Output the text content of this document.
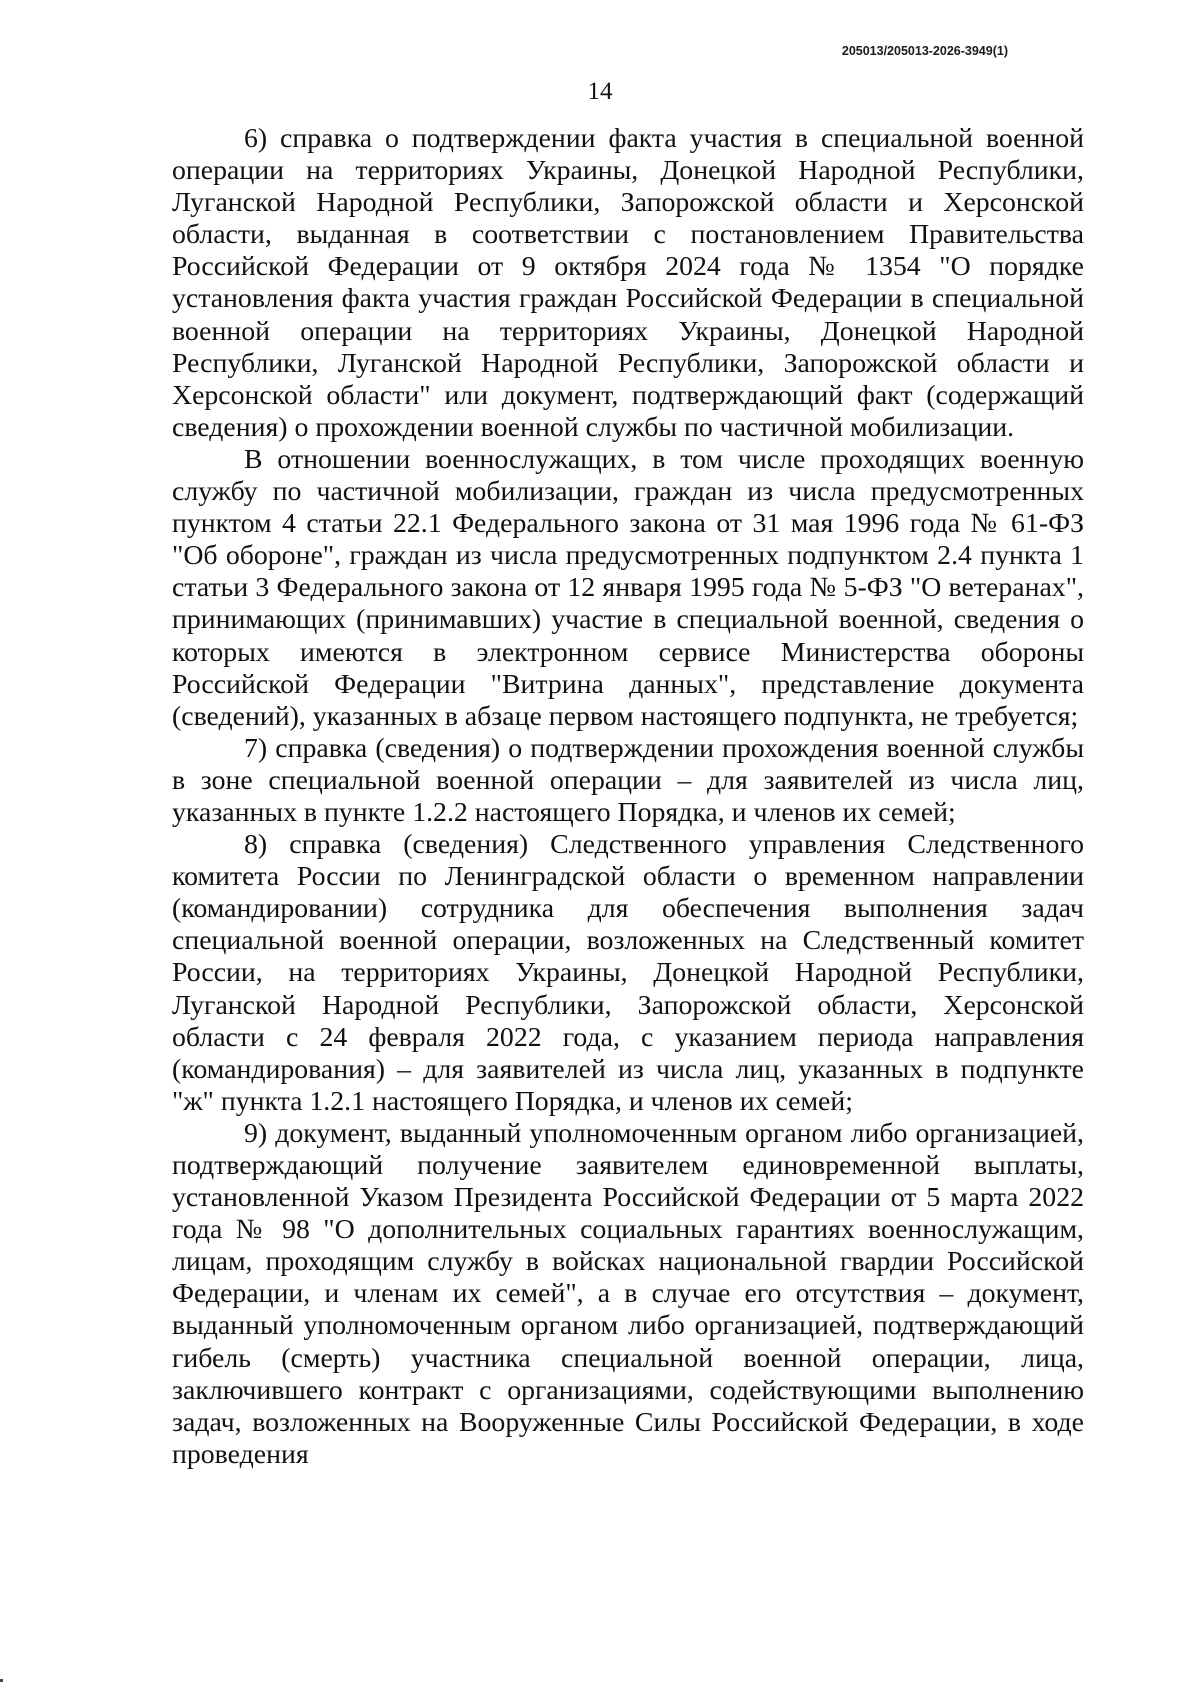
205013/205013-2026-3949(1)
14

6) справка о подтверждении факта участия в специальной военной операции на территориях Украины, Донецкой Народной Республики, Луганской Народной Республики, Запорожской области и Херсонской области, выданная в соответствии с постановлением Правительства Российской Федерации от 9 октября 2024 года № 1354 "О порядке установления факта участия граждан Российской Федерации в специальной военной операции на территориях Украины, Донецкой Народной Республики, Луганской Народной Республики, Запорожской области и Херсонской области" или документ, подтверждающий факт (содержащий сведения) о прохождении военной службы по частичной мобилизации.

В отношении военнослужащих, в том числе проходящих военную службу по частичной мобилизации, граждан из числа предусмотренных пунктом 4 статьи 22.1 Федерального закона от 31 мая 1996 года № 61-ФЗ "Об обороне", граждан из числа предусмотренных подпунктом 2.4 пункта 1 статьи 3 Федерального закона от 12 января 1995 года № 5-ФЗ "О ветеранах", принимающих (принимавших) участие в специальной военной, сведения о которых имеются в электронном сервисе Министерства обороны Российской Федерации "Витрина данных", представление документа (сведений), указанных в абзаце первом настоящего подпункта, не требуется;

7) справка (сведения) о подтверждении прохождения военной службы в зоне специальной военной операции – для заявителей из числа лиц, указанных в пункте 1.2.2 настоящего Порядка, и членов их семей;

8) справка (сведения) Следственного управления Следственного комитета России по Ленинградской области о временном направлении (командировании) сотрудника для обеспечения выполнения задач специальной военной операции, возложенных на Следственный комитет России, на территориях Украины, Донецкой Народной Республики, Луганской Народной Республики, Запорожской области, Херсонской области с 24 февраля 2022 года, с указанием периода направления (командирования) – для заявителей из числа лиц, указанных в подпункте "ж" пункта 1.2.1 настоящего Порядка, и членов их семей;

9) документ, выданный уполномоченным органом либо организацией, подтверждающий получение заявителем единовременной выплаты, установленной Указом Президента Российской Федерации от 5 марта 2022 года № 98 "О дополнительных социальных гарантиях военнослужащим, лицам, проходящим службу в войсках национальной гвардии Российской Федерации, и членам их семей", а в случае его отсутствия – документ, выданный уполномоченным органом либо организацией, подтверждающий гибель (смерть) участника специальной военной операции, лица, заключившего контракт с организациями, содействующими выполнению задач, возложенных на Вооруженные Силы Российской Федерации, в ходе проведения
